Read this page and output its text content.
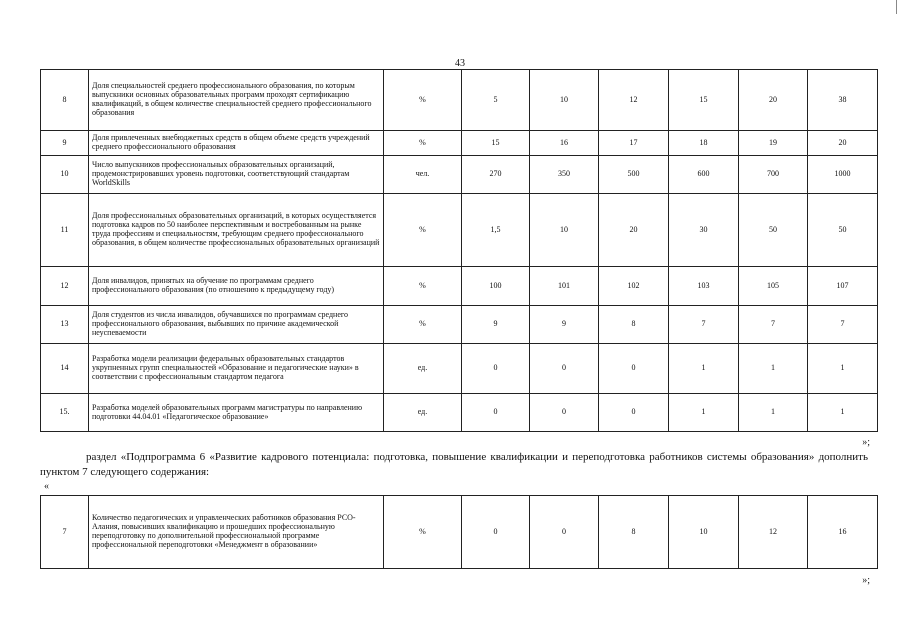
43
8	Доля специальностей среднего профессионального образования, по которым выпускники основных образовательных программ проходят сертификацию квалификаций, в общем количестве специальностей среднего профессионального образования	%	5	10	12	15	20	38
9	Доля привлеченных внебюджетных средств в общем объеме средств учреждений среднего профессионального образования	%	15	16	17	18	19	20
10	Число выпускников профессиональных образовательных организаций, продемонстрировавших уровень подготовки, соответствующий стандартам WorldSkills	чел.	270	350	500	600	700	1000
11	Доля профессиональных образовательных организаций, в которых осуществляется подготовка кадров по 50 наиболее перспективным и востребованным на рынке труда профессиям и специальностям, требующим среднего профессионального образования, в общем количестве профессиональных образовательных организаций	%	1,5	10	20	30	50	50
12	Доля инвалидов, принятых на обучение по программам среднего профессионального образования (по отношению к предыдущему году)	%	100	101	102	103	105	107
13	Доля студентов из числа инвалидов, обучавшихся по программам среднего профессионального образования, выбывших по причине академической неуспеваемости	%	9	9	8	7	7	7
14	Разработка модели реализации федеральных образовательных стандартов укрупненных групп специальностей «Образование и педагогические науки» в соответствии с профессиональным стандартом педагога	ед.	0	0	0	1	1	1
15.	Разработка моделей образовательных программ магистратуры по направлению подготовки 44.04.01 «Педагогическое образование»	ед.	0	0	0	1	1	1
»;
раздел «Подпрограмма 6 «Развитие кадрового потенциала: подготовка, повышение квалификации и переподготовка работников системы образования» дополнить пунктом 7 следующего содержания:
«
7	Количество педагогических и управленческих работников образования РСО-Алания, повысивших квалификацию и прошедших профессиональную переподготовку по дополнительной профессиональной программе профессиональной переподготовки «Менеджмент в образовании»	%	0	0	8	10	12	16
»;
